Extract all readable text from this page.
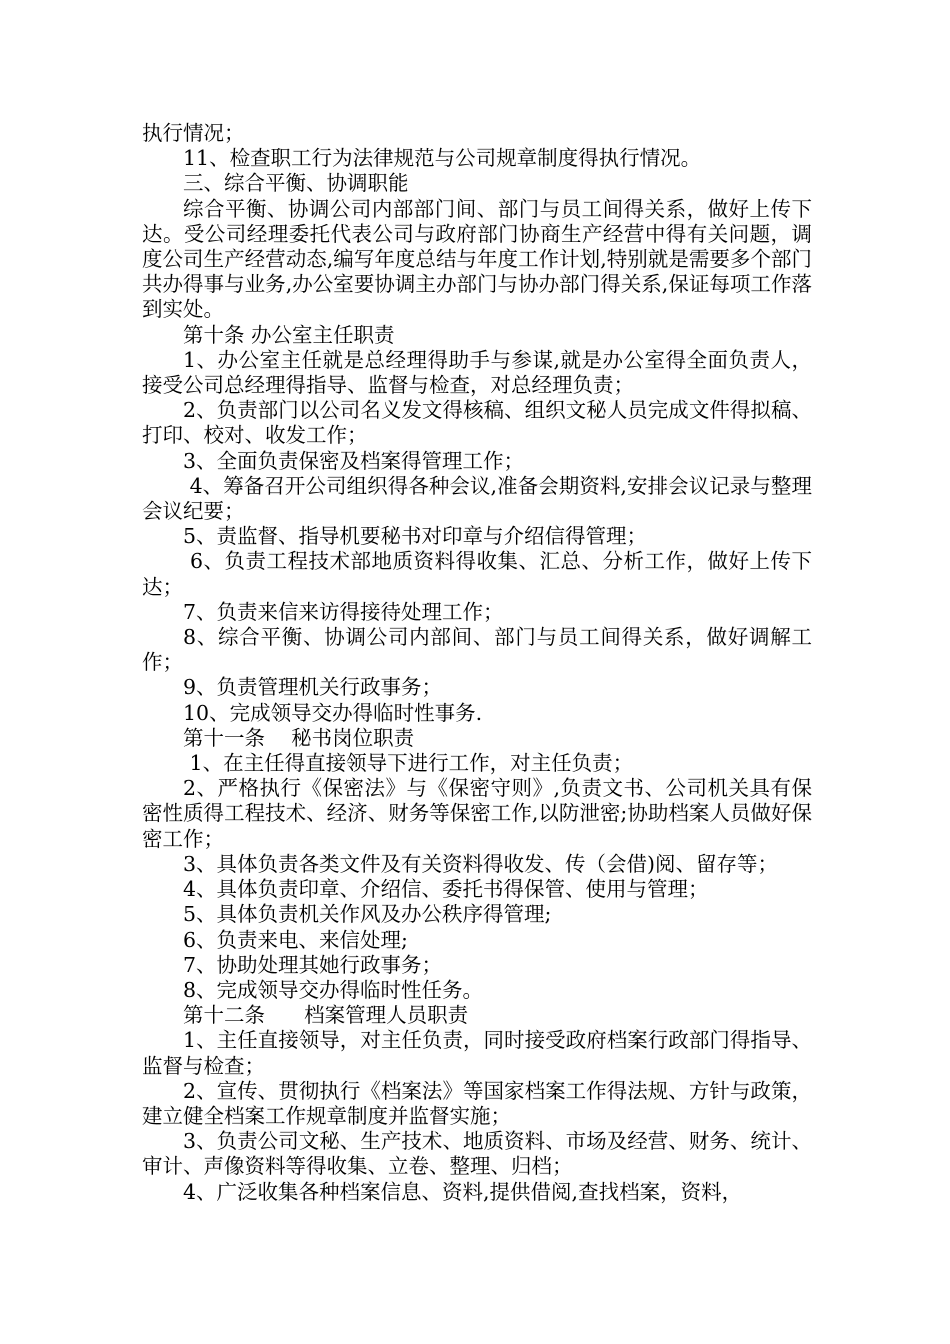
执行情况；

11、检查职工行为法律规范与公司规章制度得执行情况。

三、综合平衡、协调职能

综合平衡、协调公司内部部门间、部门与员工间得关系，做好上传下达。受公司经理委托代表公司与政府部门协商生产经营中得有关问题，调度公司生产经营动态,编写年度总结与年度工作计划,特别就是需要多个部门共办得事与业务,办公室要协调主办部门与协办部门得关系,保证每项工作落到实处。

第十条 办公室主任职责

1、办公室主任就是总经理得助手与参谋,就是办公室得全面负责人，接受公司总经理得指导、监督与检查，对总经理负责；

2、负责部门以公司名义发文得核稿、组织文秘人员完成文件得拟稿、打印、校对、收发工作；

3、全面负责保密及档案得管理工作；

4、筹备召开公司组织得各种会议,准备会期资料,安排会议记录与整理会议纪要；

5、责监督、指导机要秘书对印章与介绍信得管理；

6、负责工程技术部地质资料得收集、汇总、分析工作，做好上传下达；

7、负责来信来访得接待处理工作；

8、综合平衡、协调公司内部间、部门与员工间得关系，做好调解工作；

9、负责管理机关行政事务；

10、完成领导交办得临时性事务.

第十一条    秘书岗位职责

1、在主任得直接领导下进行工作，对主任负责；

2、严格执行《保密法》与《保密守则》,负责文书、公司机关具有保密性质得工程技术、经济、财务等保密工作,以防泄密;协助档案人员做好保密工作；

3、具体负责各类文件及有关资料得收发、传（会借)阅、留存等；

4、具体负责印章、介绍信、委托书得保管、使用与管理；

5、具体负责机关作风及办公秩序得管理;

6、负责来电、来信处理;

7、协助处理其她行政事务；

8、完成领导交办得临时性任务。

第十二条      档案管理人员职责

1、主任直接领导，对主任负责，同时接受政府档案行政部门得指导、监督与检查；

2、宣传、贯彻执行《档案法》等国家档案工作得法规、方针与政策，建立健全档案工作规章制度并监督实施；

3、负责公司文秘、生产技术、地质资料、市场及经营、财务、统计、审计、声像资料等得收集、立卷、整理、归档；

4、广泛收集各种档案信息、资料,提供借阅,查找档案，资料，
